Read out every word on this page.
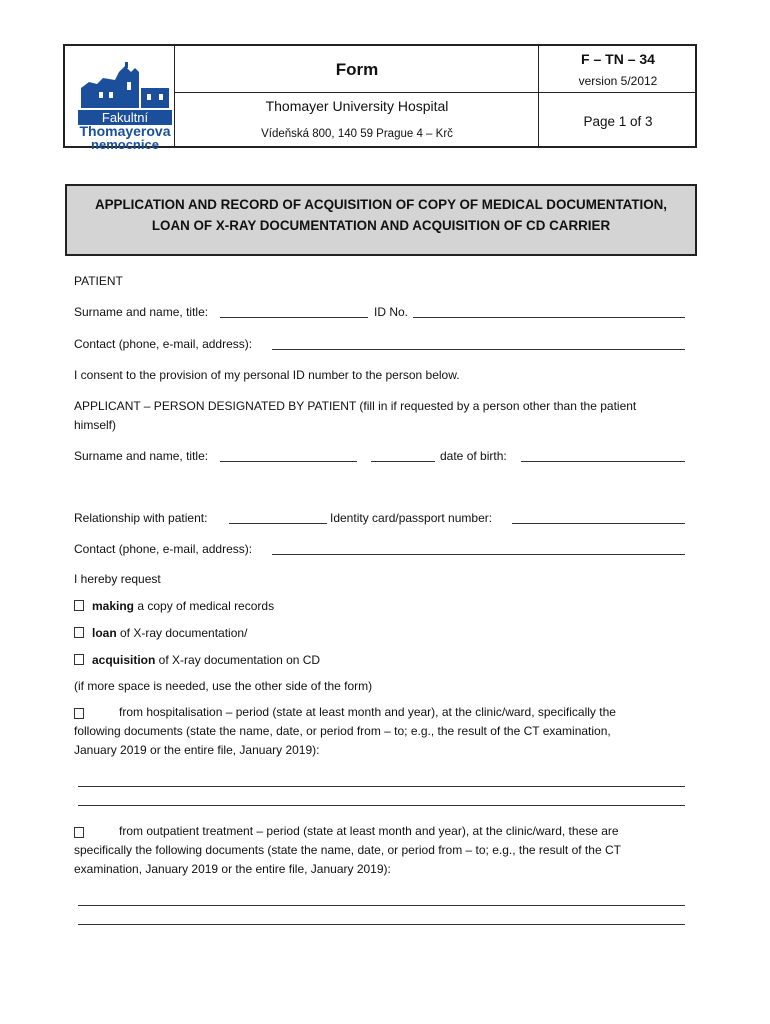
Fakultní
Thomayerova
nemocnice
Form
Thomayer University Hospital
Vídeňská 800, 140 59 Prague 4 – Krč
F – TN – 34
version 5/2012
Page 1 of 3
APPLICATION AND RECORD OF ACQUISITION OF COPY OF MEDICAL DOCUMENTATION,
LOAN OF X-RAY DOCUMENTATION AND ACQUISITION OF CD CARRIER
PATIENT
Surname and name, title:	ID No.
Contact (phone, e-mail, address):
I consent to the provision of my personal ID number to the person below.
APPLICANT – PERSON DESIGNATED BY PATIENT (fill in if requested by a person other than the patient
himself)
Surname and name, title:	date of birth:
Relationship with patient:	Identity card/passport number:
Contact (phone, e-mail, address):
I hereby request
making a copy of medical records
loan of X-ray documentation/
acquisition of X-ray documentation on CD
(if more space is needed, use the other side of the form)
from hospitalisation – period (state at least month and year), at the clinic/ward, specifically the
following documents (state the name, date, or period from – to; e.g., the result of the CT examination,
January 2019 or the entire file, January 2019):
from outpatient treatment – period (state at least month and year), at the clinic/ward, these are
specifically the following documents (state the name, date, or period from – to; e.g., the result of the CT
examination, January 2019 or the entire file, January 2019):
